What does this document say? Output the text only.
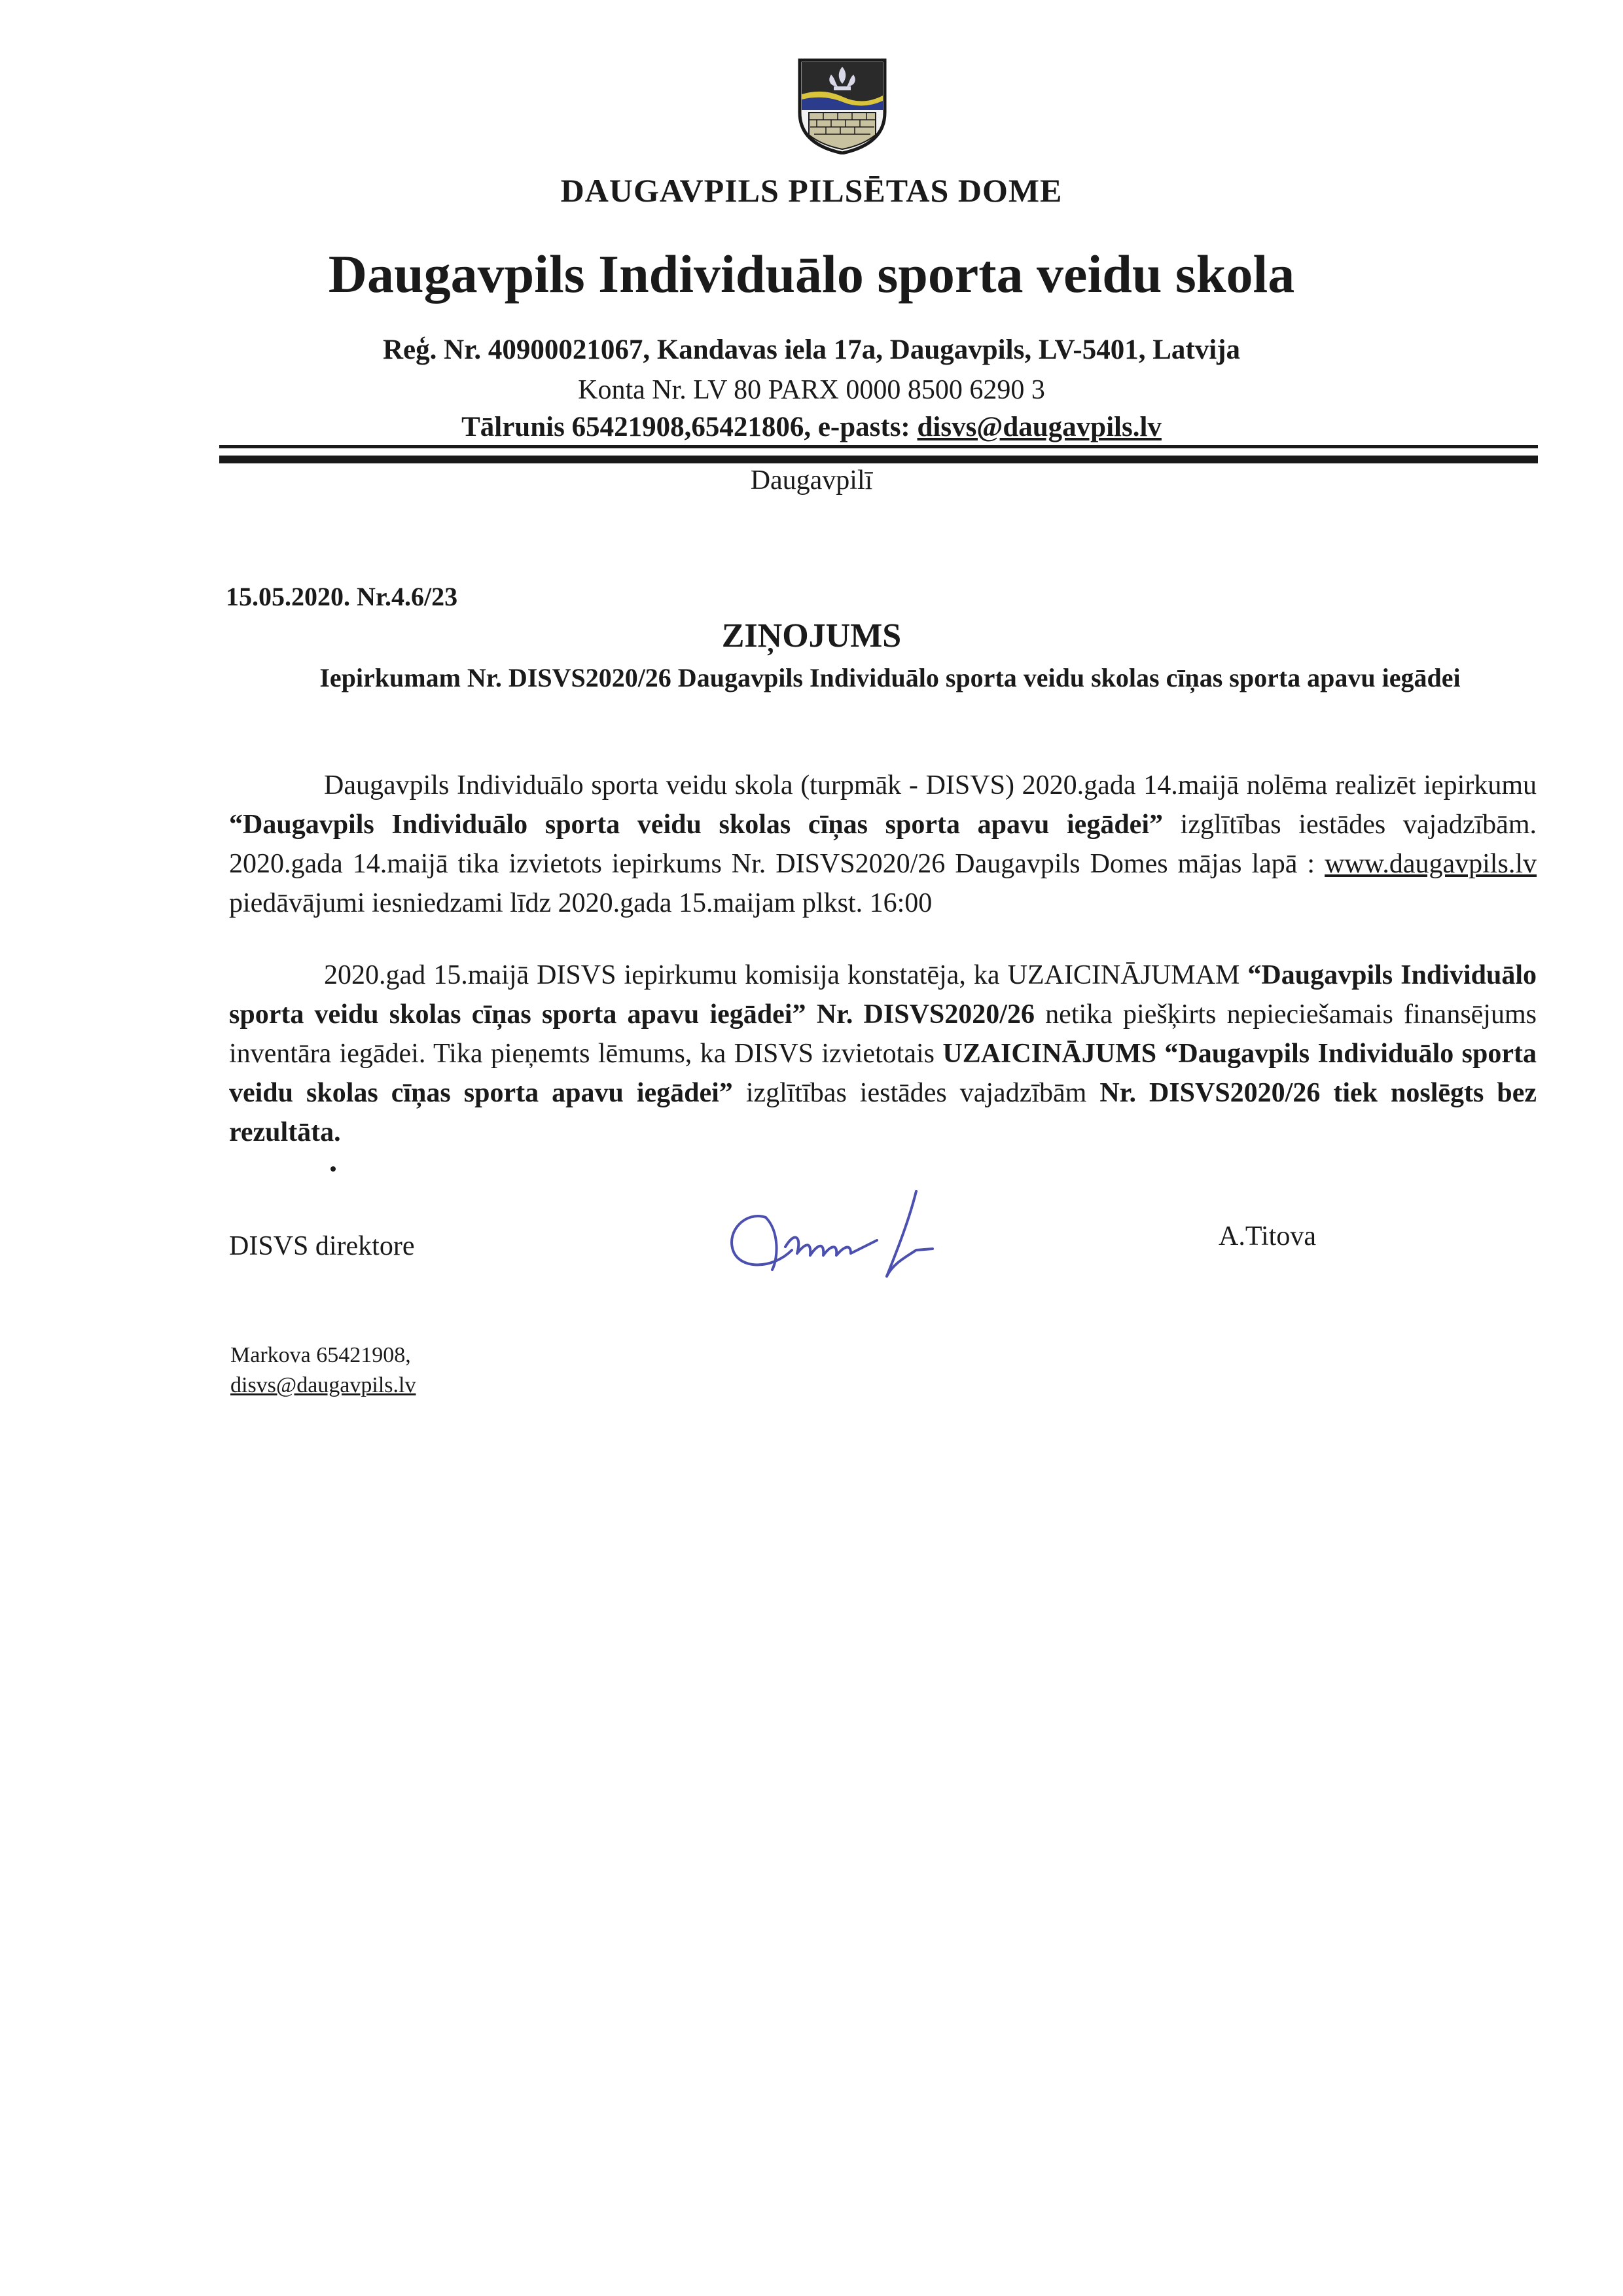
DAUGAVPILS PILSĒTAS DOME
Daugavpils Individuālo sporta veidu skola
Reģ. Nr. 40900021067, Kandavas iela 17a, Daugavpils, LV-5401, Latvija
Konta Nr. LV 80 PARX 0000 8500 6290 3
Tālrunis 65421908,65421806, e-pasts: disvs@daugavpils.lv
Daugavpilī
15.05.2020. Nr.4.6/23
ZIŅOJUMS
Iepirkumam Nr. DISVS2020/26 Daugavpils Individuālo sporta veidu skolas cīņas sporta apavu iegādei
Daugavpils Individuālo sporta veidu skola (turpmāk - DISVS) 2020.gada 14.maijā nolēma realizēt iepirkumu “Daugavpils Individuālo sporta veidu skolas cīņas sporta apavu iegādei” izglītības iestādes vajadzībām. 2020.gada 14.maijā tika izvietots iepirkums Nr. DISVS2020/26 Daugavpils Domes mājas lapā : www.daugavpils.lv piedāvājumi iesniedzami līdz 2020.gada 15.maijam plkst. 16:00
2020.gad 15.maijā DISVS iepirkumu komisija konstatēja, ka UZAICINĀJUMAM “Daugavpils Individuālo sporta veidu skolas cīņas sporta apavu iegādei” Nr. DISVS2020/26 netika piešķirts nepieciešamais finansējums inventāra iegādei. Tika pieņemts lēmums, ka DISVS izvietotais UZAICINĀJUMS “Daugavpils Individuālo sporta veidu skolas cīņas sporta apavu iegādei” izglītības iestādes vajadzībām Nr. DISVS2020/26 tiek noslēgts bez rezultāta.
DISVS direktore	A.Titova
Markova 65421908,
disvs@daugavpils.lv
